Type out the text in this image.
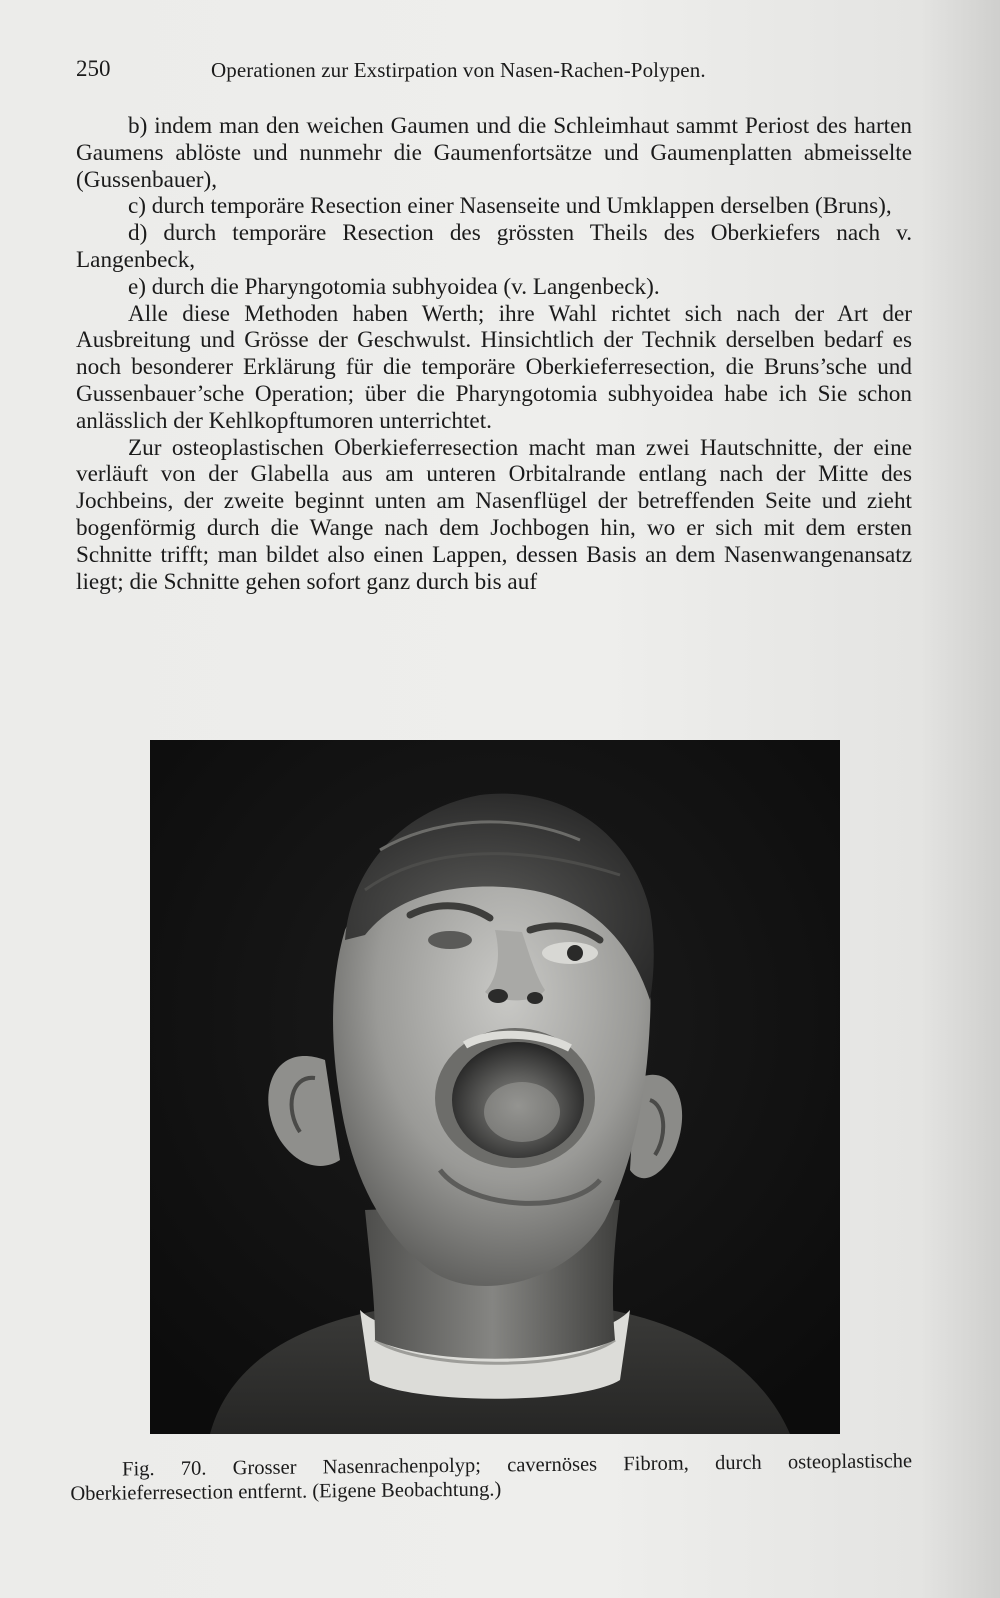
250	Operationen zur Exstirpation von Nasen-Rachen-Polypen.

b) indem man den weichen Gaumen und die Schleimhaut sammt Periost des harten Gaumens ablöste und nunmehr die Gaumenfortsätze und Gaumenplatten abmeisselte (Gussenbauer),

c) durch temporäre Resection einer Nasenseite und Umklappen derselben (Bruns),

d) durch temporäre Resection des grössten Theils des Oberkiefers nach v. Langenbeck,

e) durch die Pharyngotomia subhyoidea (v. Langenbeck).

Alle diese Methoden haben Werth; ihre Wahl richtet sich nach der Art der Ausbreitung und Grösse der Geschwulst. Hinsichtlich der Technik derselben bedarf es noch besonderer Erklärung für die temporäre Oberkieferresection, die Bruns’sche und Gussenbauer’sche Operation; über die Pharyngotomia subhyoidea habe ich Sie schon anlässlich der Kehlkopftumoren unterrichtet.

Zur osteoplastischen Oberkieferresection macht man zwei Hautschnitte, der eine verläuft von der Glabella aus am unteren Orbitalrande entlang nach der Mitte des Jochbeins, der zweite beginnt unten am Nasenflügel der betreffenden Seite und zieht bogenförmig durch die Wange nach dem Jochbogen hin, wo er sich mit dem ersten Schnitte trifft; man bildet also einen Lappen, dessen Basis an dem Nasenwangenansatz liegt; die Schnitte gehen sofort ganz durch bis auf

Fig. 70. Grosser Nasenrachenpolyp; cavernöses Fibrom, durch osteoplastische Oberkieferresection entfernt. (Eigene Beobachtung.)
